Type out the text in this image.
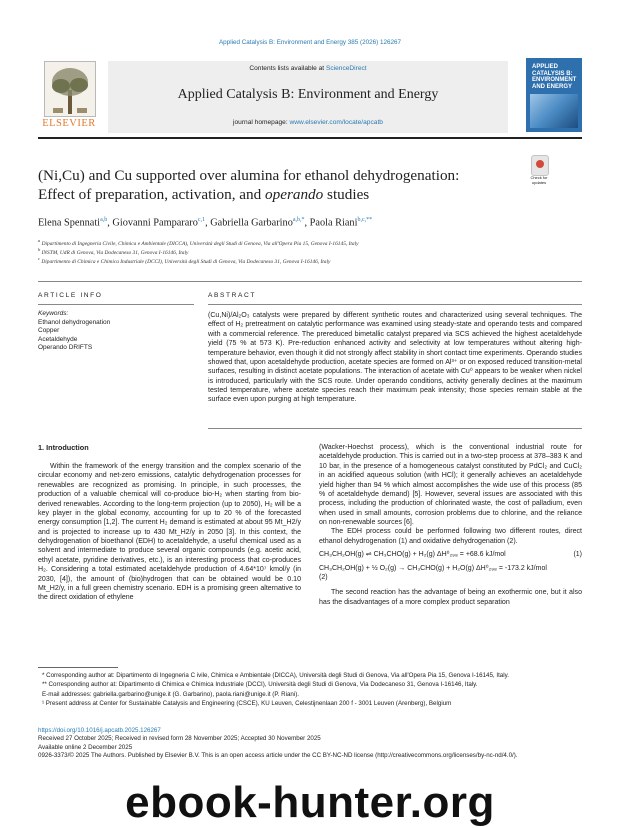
Applied Catalysis B: Environment and Energy 385 (2026) 126267
ELSEVIER
Contents lists available at ScienceDirect
Applied Catalysis B: Environment and Energy
journal homepage: www.elsevier.com/locate/apcatb
APPLIED CATALYSIS B: ENVIRONMENT AND ENERGY
(Ni,Cu) and Cu supported over alumina for ethanol dehydrogenation: Effect of preparation, activation, and operando studies
Check for updates
Elena Spennati$^{a,b}$, Giovanni Pampararo$^{c,1}$, Gabriella Garbarino$^{a,b,*}$, Paola Riani$^{b,c,**}$
$^a$ Dipartimento di Ingegneria Civile, Chimica e Ambientale (DICCA), Università degli Studi di Genova, Via all'Opera Pia 15, Genova I-16145, Italy
$^b$ INSTM, UdR di Genova, Via Dodecaneso 31, Genova I-16146, Italy
$^c$ Dipartimento di Chimica e Chimica Industriale (DCCI), Università degli Studi di Genova, Via Dodecaneso 31, Genova I-16146, Italy
ARTICLE INFO	ABSTRACT
Keywords:
Ethanol dehydrogenation
Copper
Acetaldehyde
Operando DRIFTS
(Cu,Ni)/Al₂O₃ catalysts were prepared by different synthetic routes and characterized using several techniques. The effect of H₂ pretreatment on catalytic performance was examined using steady-state and operando tests and compared with a commercial reference. The prereduced bimetallic catalyst prepared via SCS achieved the highest acetaldehyde yield (75 % at 573 K). Pre-reduction enhanced activity and selectivity at low temperatures without altering high-temperature behavior, even though it did not strongly affect stability in short contact time experiments. Operando studies showed that, upon acetaldehyde production, acetate species are formed on Al³⁺ or on exposed reduced transition-metal surfaces, resulting in distinct acetate populations. The interaction of acetate with Cu⁰ appears to be weaker when nickel is introduced, particularly with the SCS route. Under operando conditions, activity generally declines at the maximum tested temperature, where acetate species reach their maximum peak intensity; those species remain stable at the surface even upon purging at high temperature.
1. Introduction

Within the framework of the energy transition and the complex scenario of the circular economy and net-zero emissions, catalytic dehydrogenation processes for renewables are recognized as promising. In principle, in such processes, the production of a valuable chemical will co-produce bio-H₂ when starting from bio-derived renewables. According to the long-term projection (up to 2050), H₂ will be a key player in the global economy, accounting for up to 20 % of the forecasted energy consumption [1,2]. The current H₂ demand is estimated at about 95 Mt_H2/y and is projected to increase up to 430 Mt_H2/y in 2050 [3]. In this context, the dehydrogenation of bioethanol (EDH) to acetaldehyde, a useful chemical used as a solvent and intermediate to produce several organic compounds (e.g. acetic acid, ethyl acetate, pyridine derivatives, etc.), is an interesting process that co-produces H₂. Considering a total estimated acetaldehyde production of 4.64*10⁷ kmol/y (in 2030, [4]), the amount of (bio)hydrogen that can be obtained would be 0.10 Mt_H2/y, in a full green chemistry scenario. EDH is a promising green alternative to the direct oxidation of ethylene

(Wacker-Hoechst process), which is the conventional industrial route for acetaldehyde production. This is carried out in a two-step process at 378–383 K and 10 bar, in the presence of a homogeneous catalyst constituted by PdCl₂ and CuCl₂ in an acidified aqueous solution (with HCl); it generally achieves an acetaldehyde yield higher than 94 % which almost accomplishes the wide use of this process (85 % of acetaldehyde demand) [5]. However, several issues are associated with this process, including the production of chlorinated waste, the cost of palladium, even when used in small amounts, corrosion problems due to chlorine, and the reliance on non-renewable sources [6].

The EDH process could be performed following two different routes, direct ethanol dehydrogenation (1) and oxidative dehydrogenation (2).

CH₃CH₂OH(g) ⇌ CH₃CHO(g) + H₂(g) ΔH⁰₂₉₈ = +68.6 kJ/mol	(1)
CH₃CH₂OH(g) + ½ O₂(g) → CH₃CHO(g) + H₂O(g) ΔH⁰₂₉₈ = -173.2 kJ/mol
(2)

The second reaction has the advantage of being an exothermic one, but it also has the disadvantages of a more complex product separation

* Corresponding author at: Dipartimento di Ingegneria C ivile, Chimica e Ambientale (DICCA), Università degli Studi di Genova, Via all'Opera Pia 15, Genova I-16145, Italy.

** Corresponding author at: Dipartimento di Chimica e Chimica Industriale (DCCI), Università degli Studi di Genova, Via Dodecaneso 31, Genova I-16146, Italy.

E-mail addresses: gabriella.garbarino@unige.it (G. Garbarino), paola.riani@unige.it (P. Riani).

¹ Present address at Center for Sustainable Catalysis and Engineering (CSCE), KU Leuven, Celestijnenlaan 200 f - 3001 Leuven (Arenberg), Belgium

https://doi.org/10.1016/j.apcatb.2025.126267
Received 27 October 2025; Received in revised form 28 November 2025; Accepted 30 November 2025
Available online 2 December 2025
0926-3373/© 2025 The Authors. Published by Elsevier B.V. This is an open access article under the CC BY-NC-ND license (http://creativecommons.org/licenses/by-nc-nd/4.0/).
ebook-hunter.org
